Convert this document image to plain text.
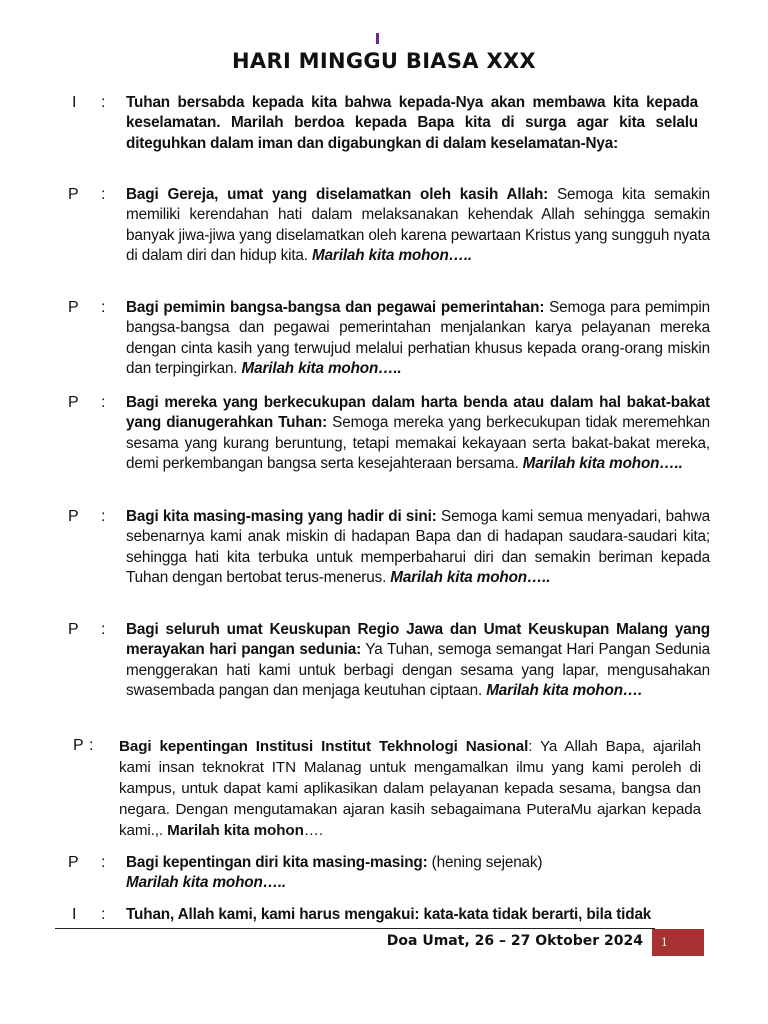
HARI MINGGU BIASA XXX
I : Tuhan bersabda kepada kita bahwa kepada-Nya akan membawa kita kepada keselamatan. Marilah berdoa kepada Bapa kita di surga agar kita selalu diteguhkan dalam iman dan digabungkan di dalam keselamatan-Nya:
P : Bagi Gereja, umat yang diselamatkan oleh kasih Allah: Semoga kita semakin memiliki kerendahan hati dalam melaksanakan kehendak Allah sehingga semakin banyak jiwa-jiwa yang diselamatkan oleh karena pewartaan Kristus yang sungguh nyata di dalam diri dan hidup kita. Marilah kita mohon…..
P : Bagi pemimin bangsa-bangsa dan pegawai pemerintahan: Semoga para pemimpin bangsa-bangsa dan pegawai pemerintahan menjalankan karya pelayanan mereka dengan cinta kasih yang terwujud melalui perhatian khusus kepada orang-orang miskin dan terpingirkan. Marilah kita mohon…..
P : Bagi mereka yang berkecukupan dalam harta benda atau dalam hal bakat-bakat yang dianugerahkan Tuhan: Semoga mereka yang berkecukupan tidak meremehkan sesama yang kurang beruntung, tetapi memakai kekayaan serta bakat-bakat mereka, demi perkembangan bangsa serta kesejahteraan bersama. Marilah kita mohon…..
P : Bagi kita masing-masing yang hadir di sini: Semoga kami semua menyadari, bahwa sebenarnya kami anak miskin di hadapan Bapa dan di hadapan saudara-saudari kita; sehingga hati kita terbuka untuk memperbaharui diri dan semakin beriman kepada Tuhan dengan bertobat terus-menerus. Marilah kita mohon…..
P : Bagi seluruh umat Keuskupan Regio Jawa dan Umat Keuskupan Malang yang merayakan hari pangan sedunia: Ya Tuhan, semoga semangat Hari Pangan Sedunia menggerakan hati kami untuk berbagi dengan sesama yang lapar, mengusahakan swasembada pangan dan menjaga keutuhan ciptaan. Marilah kita mohon….
P : Bagi kepentingan Institusi Institut Tekhnologi Nasional: Ya Allah Bapa, ajarilah kami insan teknokrat ITN Malanag untuk mengamalkan ilmu yang kami peroleh di kampus, untuk dapat kami aplikasikan dalam pelayanan kepada sesama, bangsa dan negara. Dengan mengutamakan ajaran kasih sebagaimana PuteraMu ajarkan kepada kami.,. Marilah kita mohon….
P : Bagi kepentingan diri kita masing-masing: (hening sejenak)
Marilah kita mohon…..
I : Tuhan, Allah kami, kami harus mengakui: kata-kata tidak berarti, bila tidak
Doa Umat, 26 – 27 Oktober 2024 1
